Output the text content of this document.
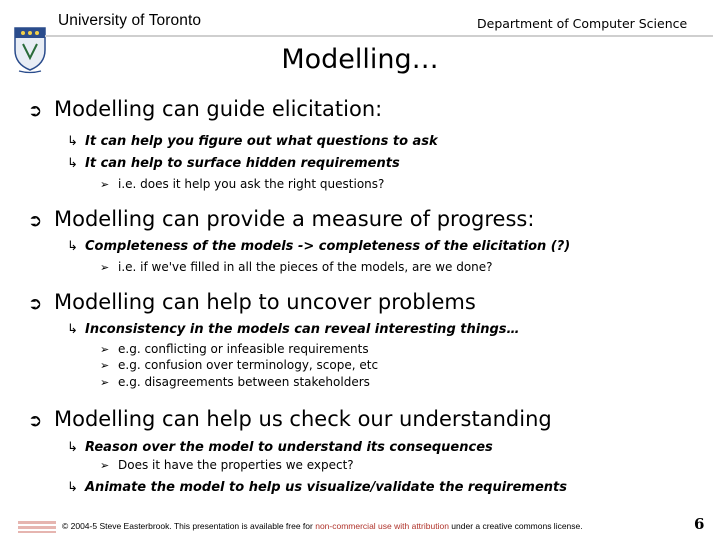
University of Toronto	Department of Computer Science
Modelling…
➲ Modelling can guide elicitation:
↳ It can help you figure out what questions to ask
↳ It can help to surface hidden requirements
➢ i.e. does it help you ask the right questions?
➲ Modelling can provide a measure of progress:
↳ Completeness of the models -> completeness of the elicitation (?)
➢ i.e. if we've filled in all the pieces of the models, are we done?
➲ Modelling can help to uncover problems
↳ Inconsistency in the models can reveal interesting things…
➢ e.g. conflicting or infeasible requirements
➢ e.g. confusion over terminology, scope, etc
➢ e.g. disagreements between stakeholders
➲ Modelling can help us check our understanding
↳ Reason over the model to understand its consequences
➢ Does it have the properties we expect?
↳ Animate the model to help us visualize/validate the requirements
© 2004-5 Steve Easterbrook. This presentation is available free for non-commercial use with attribution under a creative commons license.	6
